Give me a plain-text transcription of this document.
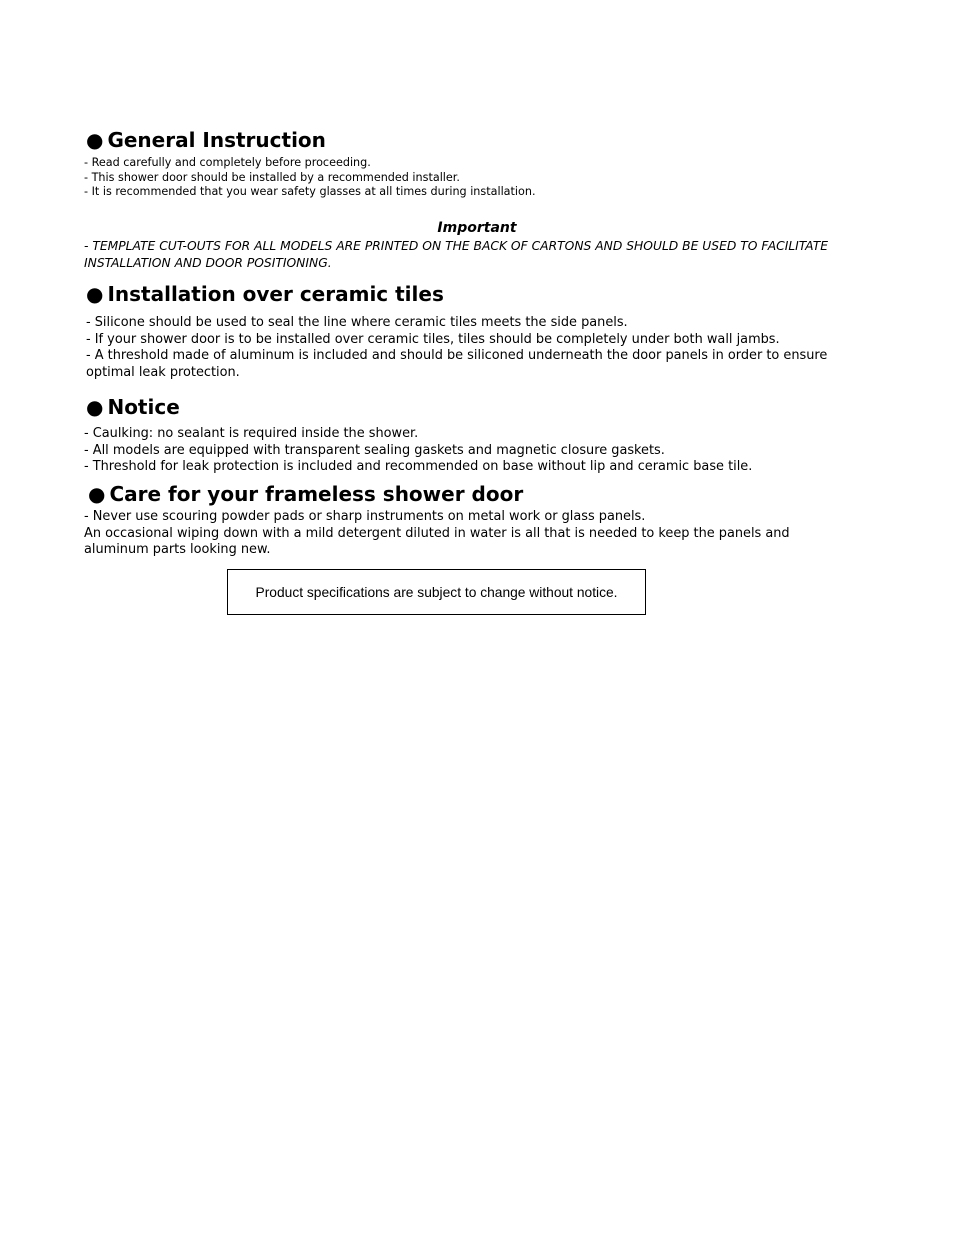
● General Instruction
- Read carefully and completely before proceeding.
- This shower door should be installed by a recommended installer.
- It is recommended that you wear safety glasses at all times during installation.

Important

- TEMPLATE CUT-OUTS FOR ALL MODELS ARE PRINTED ON THE BACK OF CARTONS AND SHOULD BE USED TO FACILITATE INSTALLATION AND DOOR POSITIONING.

● Installation over ceramic tiles
- Silicone should be used to seal the line where ceramic tiles meets the side panels.
- If your shower door is to be installed over ceramic tiles, tiles should be completely under both wall jambs.
- A threshold made of aluminum is included and should be siliconed underneath the door panels in order to ensure optimal leak protection.
● Notice
- Caulking: no sealant is required inside the shower.
- All models are equipped with transparent sealing gaskets and magnetic closure gaskets.
- Threshold for leak protection is included and recommended on base without lip and ceramic base tile.
● Care for your frameless shower door
- Never use scouring powder pads or sharp instruments on metal work or glass panels.
An occasional wiping down with a mild detergent diluted in water is all that is needed to keep the panels and aluminum parts looking new.
Product specifications are subject to change without notice.
